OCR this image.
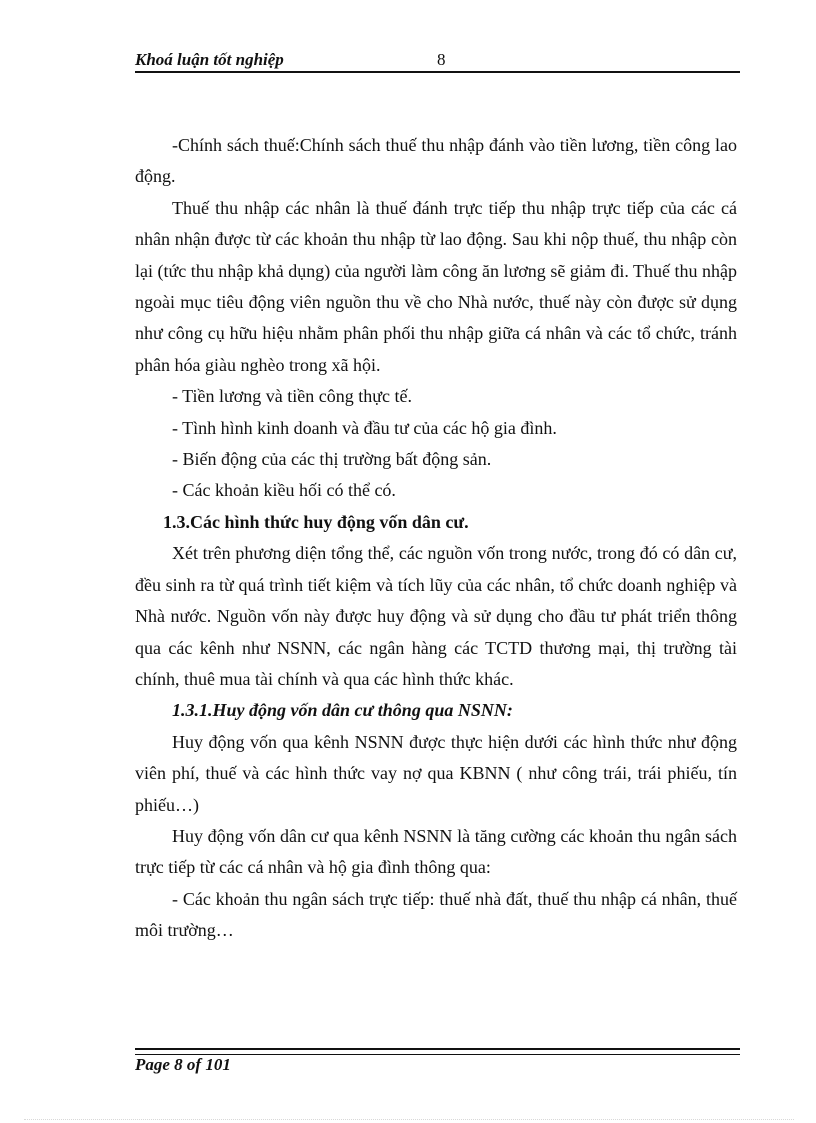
Khoá luận tốt nghiệp	8

-Chính sách thuế:Chính sách thuế thu nhập đánh vào tiền lương, tiền công lao động.

Thuế thu nhập các nhân là thuế đánh trực tiếp thu nhập trực tiếp của các cá nhân nhận được từ các khoản thu nhập từ lao động. Sau khi nộp thuế, thu nhập còn lại (tức thu nhập khả dụng) của người làm công ăn lương sẽ giảm đi. Thuế thu nhập ngoài mục tiêu động viên nguồn thu về cho Nhà nước, thuế này còn được sử dụng như công cụ hữu hiệu nhằm phân phối thu nhập giữa cá nhân và các tổ chức, tránh phân hóa giàu nghèo trong xã hội.

- Tiền lương và tiền công thực tế.

- Tình hình kinh doanh và đầu tư của các hộ gia đình.

- Biến động của các thị trường bất động sản.

- Các khoản kiều hối có thể có.

1.3.Các hình thức huy động vốn dân cư.

Xét trên phương diện tổng thể, các nguồn vốn trong nước, trong đó có dân cư, đều sinh ra từ quá trình tiết kiệm và tích lũy của các nhân, tổ chức doanh nghiệp và Nhà nước. Nguồn vốn này được huy động và sử dụng cho đầu tư phát triển thông qua các kênh như NSNN, các ngân hàng các TCTD thương mại, thị trường tài chính, thuê mua tài chính và qua các hình thức khác.

1.3.1.Huy động vốn dân cư thông qua NSNN:

Huy động vốn qua kênh NSNN được thực hiện dưới các hình thức như động viên phí, thuế và các hình thức vay nợ qua KBNN ( như công trái, trái phiếu, tín phiếu…)

Huy động vốn dân cư qua kênh NSNN là tăng cường các khoản thu ngân sách trực tiếp từ các cá nhân và hộ gia đình thông qua:

- Các khoản thu ngân sách trực tiếp: thuế nhà đất, thuế thu nhập cá nhân, thuế môi trường…

Page 8 of 101
